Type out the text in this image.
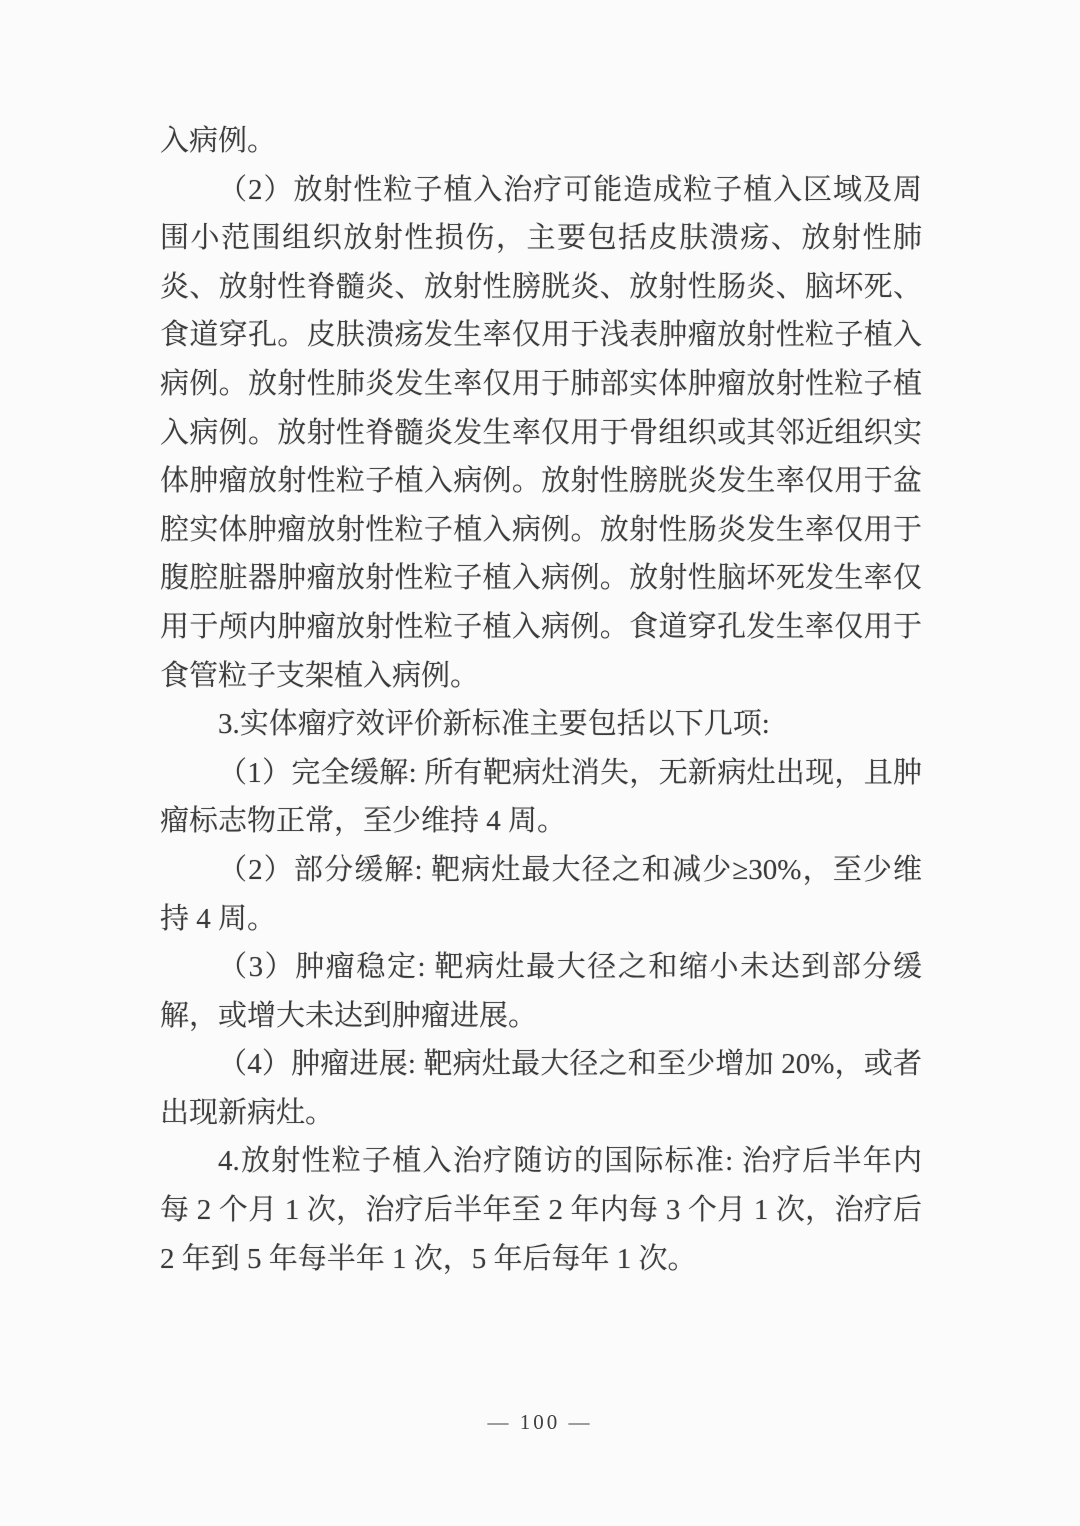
入病例。

（2）放射性粒子植入治疗可能造成粒子植入区域及周围小范围组织放射性损伤，主要包括皮肤溃疡、放射性肺炎、放射性脊髓炎、放射性膀胱炎、放射性肠炎、脑坏死、食道穿孔。皮肤溃疡发生率仅用于浅表肿瘤放射性粒子植入病例。放射性肺炎发生率仅用于肺部实体肿瘤放射性粒子植入病例。放射性脊髓炎发生率仅用于骨组织或其邻近组织实体肿瘤放射性粒子植入病例。放射性膀胱炎发生率仅用于盆腔实体肿瘤放射性粒子植入病例。放射性肠炎发生率仅用于腹腔脏器肿瘤放射性粒子植入病例。放射性脑坏死发生率仅用于颅内肿瘤放射性粒子植入病例。食道穿孔发生率仅用于食管粒子支架植入病例。

3.实体瘤疗效评价新标准主要包括以下几项:

（1）完全缓解: 所有靶病灶消失，无新病灶出现，且肿瘤标志物正常，至少维持 4 周。

（2）部分缓解: 靶病灶最大径之和减少≥30%，至少维持 4 周。

（3）肿瘤稳定: 靶病灶最大径之和缩小未达到部分缓解，或增大未达到肿瘤进展。

（4）肿瘤进展: 靶病灶最大径之和至少增加 20%，或者出现新病灶。

4.放射性粒子植入治疗随访的国际标准: 治疗后半年内每 2 个月 1 次，治疗后半年至 2 年内每 3 个月 1 次，治疗后 2 年到 5 年每半年 1 次，5 年后每年 1 次。

— 100 —
